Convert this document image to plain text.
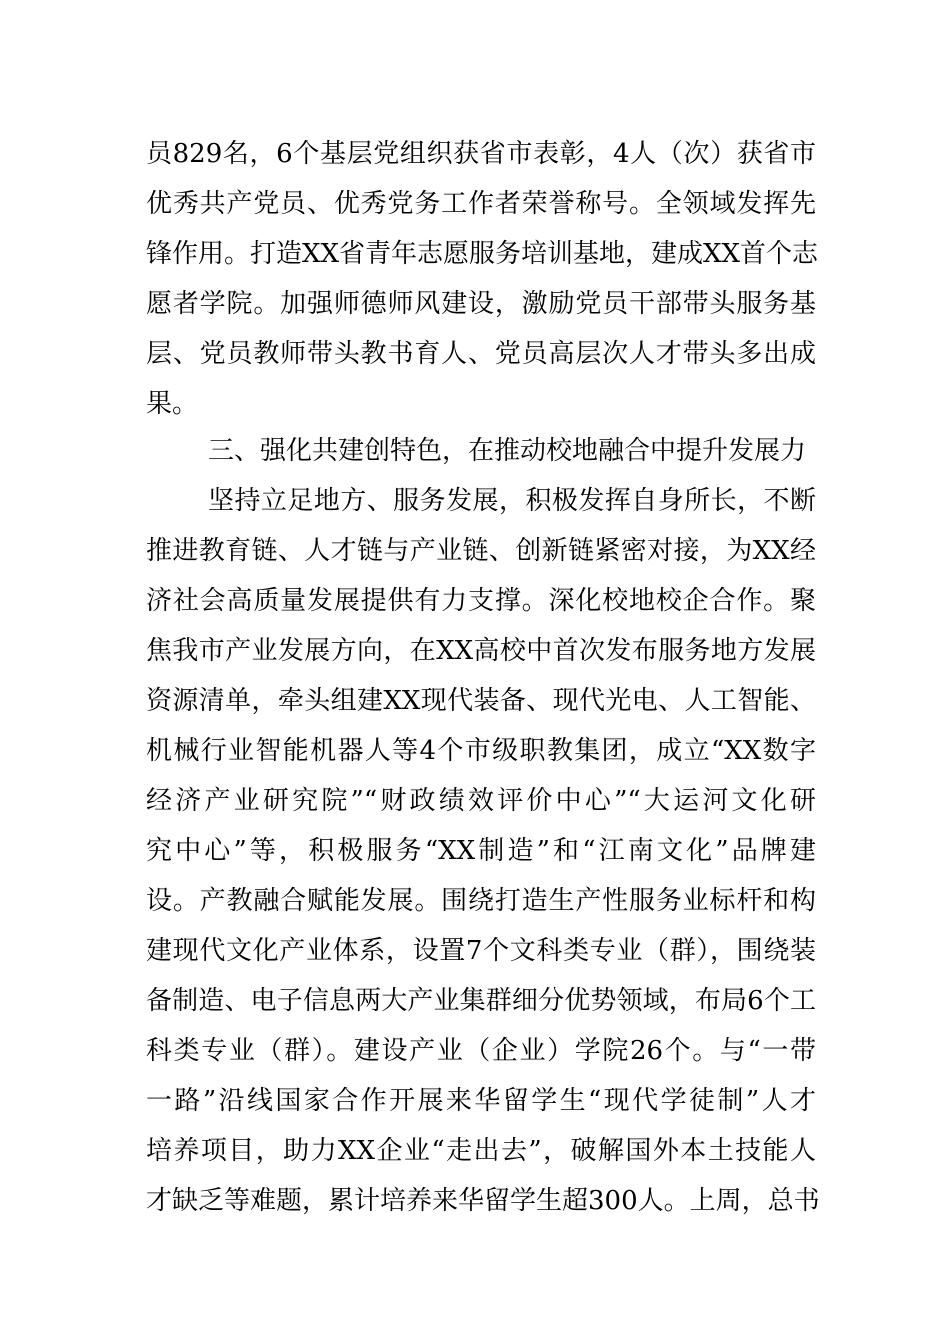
员829名，6个基层党组织获省市表彰，4人（次）获省市
优秀共产党员、优秀党务工作者荣誉称号。全领域发挥先
锋作用。打造XX省青年志愿服务培训基地，建成XX首个志
愿者学院。加强师德师风建设，激励党员干部带头服务基
层、党员教师带头教书育人、党员高层次人才带头多出成
果。
三、强化共建创特色，在推动校地融合中提升发展力
坚持立足地方、服务发展，积极发挥自身所长，不断
推进教育链、人才链与产业链、创新链紧密对接，为XX经
济社会高质量发展提供有力支撑。深化校地校企合作。聚
焦我市产业发展方向，在XX高校中首次发布服务地方发展
资源清单，牵头组建XX现代装备、现代光电、人工智能、
机械行业智能机器人等4个市级职教集团，成立“XX数字
经济产业研究院”“财政绩效评价中心”“大运河文化研
究中心”等，积极服务“XX制造”和“江南文化”品牌建
设。产教融合赋能发展。围绕打造生产性服务业标杆和构
建现代文化产业体系，设置7个文科类专业（群），围绕装
备制造、电子信息两大产业集群细分优势领域，布局6个工
科类专业（群）。建设产业（企业）学院26个。与“一带
一路”沿线国家合作开展来华留学生“现代学徒制”人才
培养项目，助力XX企业“走出去”，破解国外本土技能人
才缺乏等难题，累计培养来华留学生超300人。上周，总书
